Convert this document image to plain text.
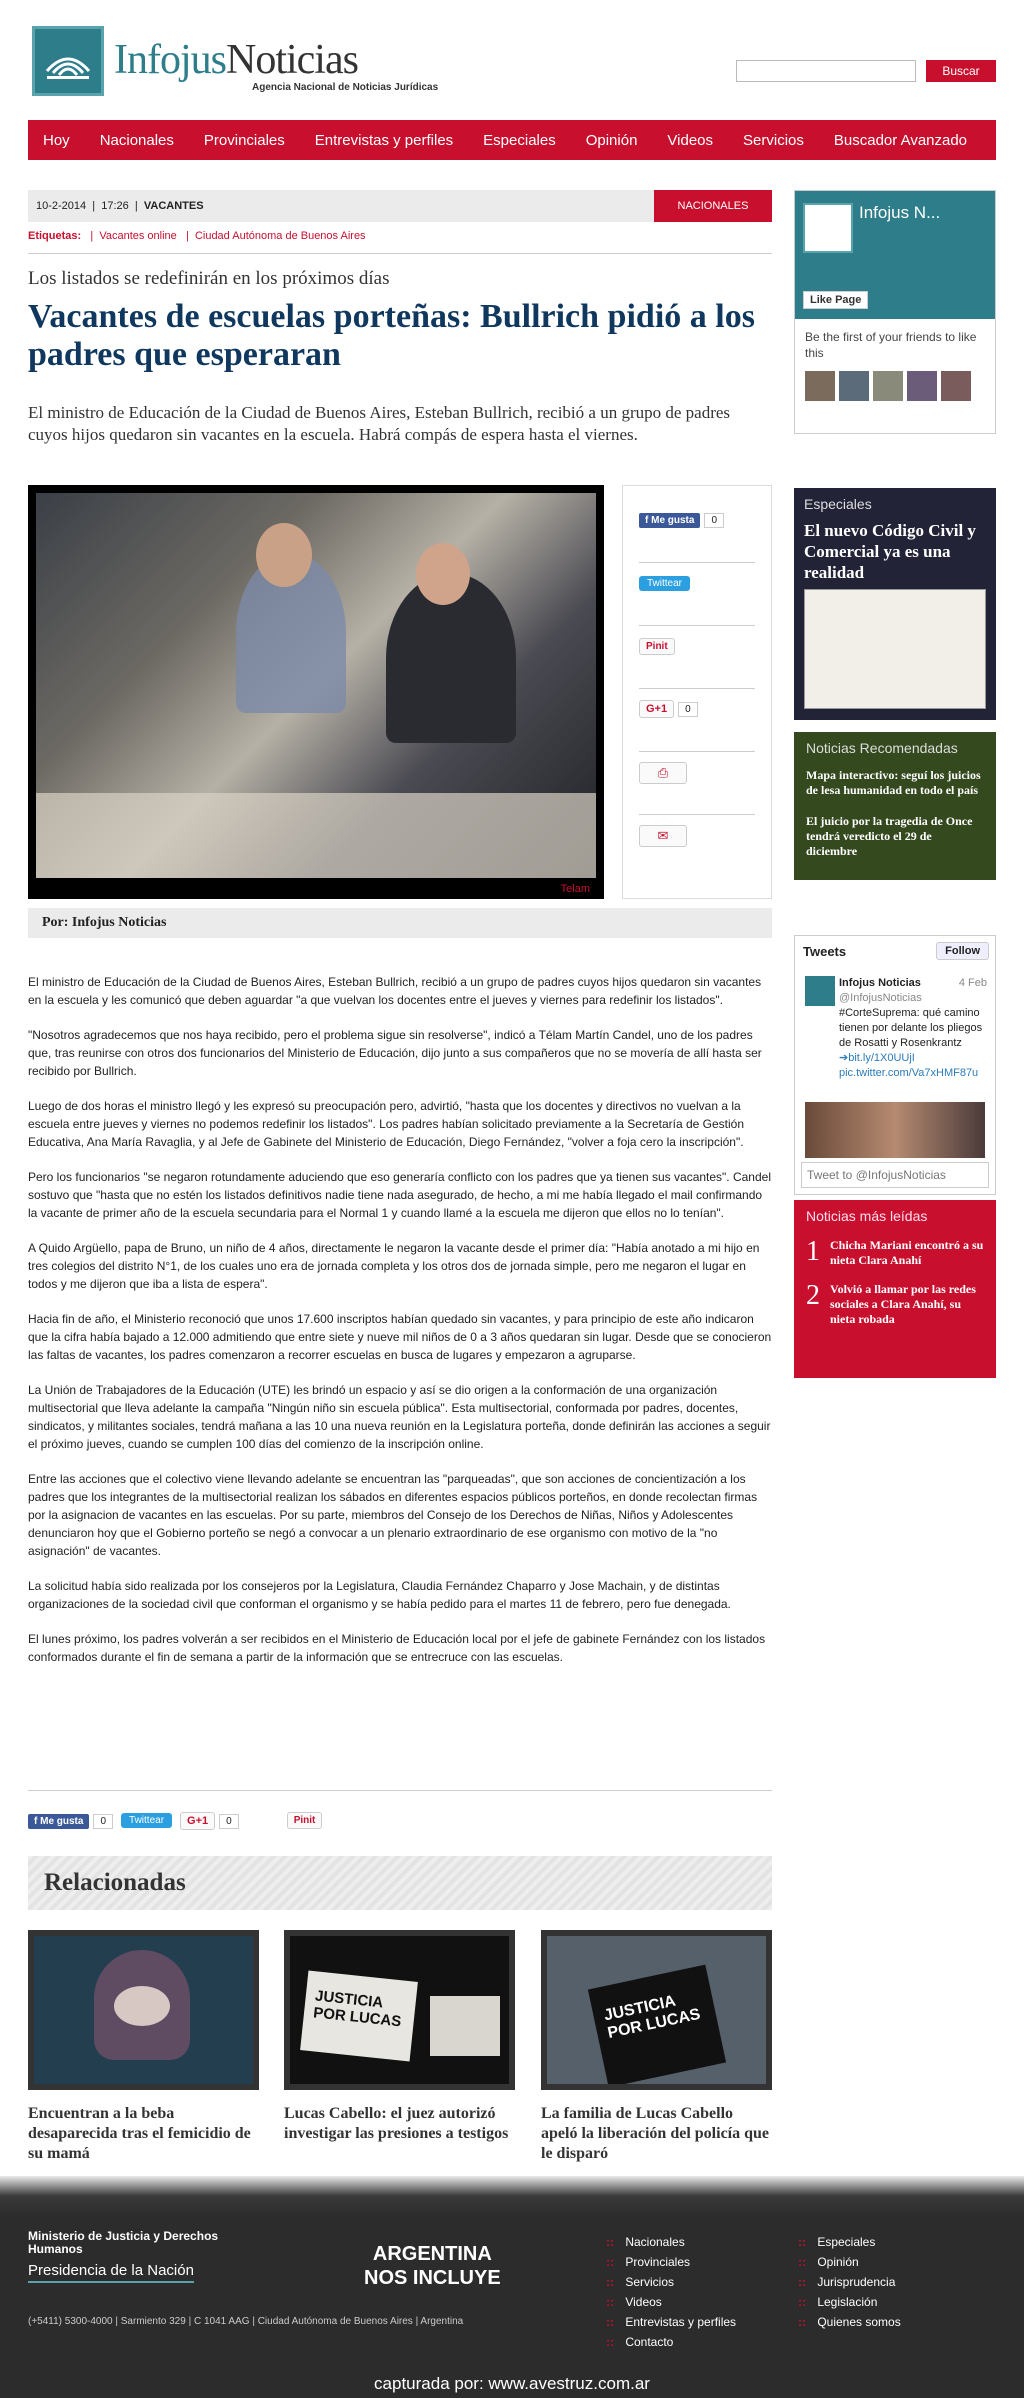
InfojusNoticias
Agencia Nacional de Noticias Jurídicas
Buscar
Hoy	Nacionales	Provinciales	Entrevistas y perfiles	Especiales	Opinión	Videos	Servicios	Buscador Avanzado
10-2-2014  |  17:26  |  VACANTES	NACIONALES
Etiquetas:   |  Vacantes online   |  Ciudad Autónoma de Buenos Aires
Los listados se redefinirán en los próximos días
Vacantes de escuelas porteñas: Bullrich pidió a los padres que esperaran
El ministro de Educación de la Ciudad de Buenos Aires, Esteban Bullrich, recibió a un grupo de padres cuyos hijos quedaron sin vacantes en la escuela. Habrá compás de espera hasta el viernes.
Telam
f Me gusta 0
Twittear
Pinit
G+1 0
⎙
✉
Por: Infojus Noticias

El ministro de Educación de la Ciudad de Buenos Aires, Esteban Bullrich, recibió a un grupo de padres cuyos hijos quedaron sin vacantes en la escuela y les comunicó que deben aguardar "a que vuelvan los docentes entre el jueves y viernes para redefinir los listados".

"Nosotros agradecemos que nos haya recibido, pero el problema sigue sin resolverse", indicó a Télam Martín Candel, uno de los padres que, tras reunirse con otros dos funcionarios del Ministerio de Educación, dijo junto a sus compañeros que no se movería de allí hasta ser recibido por Bullrich.

Luego de dos horas el ministro llegó y les expresó su preocupación pero, advirtió, "hasta que los docentes y directivos no vuelvan a la escuela entre jueves y viernes no podemos redefinir los listados". Los padres habían solicitado previamente a la Secretaría de Gestión Educativa, Ana María Ravaglia, y al Jefe de Gabinete del Ministerio de Educación, Diego Fernández, "volver a foja cero la inscripción".

Pero los funcionarios "se negaron rotundamente aduciendo que eso generaría conflicto con los padres que ya tienen sus vacantes". Candel sostuvo que "hasta que no estén los listados definitivos nadie tiene nada asegurado, de hecho, a mi me había llegado el mail confirmando la vacante de primer año de la escuela secundaria para el Normal 1 y cuando llamé a la escuela me dijeron que ellos no lo tenían".

A Quido Argüello, papa de Bruno, un niño de 4 años, directamente le negaron la vacante desde el primer día: "Había anotado a mi hijo en tres colegios del distrito N°1, de los cuales uno era de jornada completa y los otros dos de jornada simple, pero me negaron el lugar en todos y me dijeron que iba a lista de espera".

Hacia fin de año, el Ministerio reconoció que unos 17.600 inscriptos habían quedado sin vacantes, y para principio de este año indicaron que la cifra había bajado a 12.000 admitiendo que entre siete y nueve mil niños de 0 a 3 años quedaran sin lugar. Desde que se conocieron las faltas de vacantes, los padres comenzaron a recorrer escuelas en busca de lugares y empezaron a agruparse.

La Unión de Trabajadores de la Educación (UTE) les brindó un espacio y así se dio origen a la conformación de una organización multisectorial que lleva adelante la campaña "Ningún niño sin escuela pública". Esta multisectorial, conformada por padres, docentes, sindicatos, y militantes sociales, tendrá mañana a las 10 una nueva reunión en la Legislatura porteña, donde definirán las acciones a seguir el próximo jueves, cuando se cumplen 100 días del comienzo de la inscripción online.

Entre las acciones que el colectivo viene llevando adelante se encuentran las "parqueadas", que son acciones de concientización a los padres que los integrantes de la multisectorial realizan los sábados en diferentes espacios públicos porteños, en donde recolectan firmas por la asignacion de vacantes en las escuelas. Por su parte, miembros del Consejo de los Derechos de Niñas, Niños y Adolescentes denunciaron hoy que el Gobierno porteño se negó a convocar a un plenario extraordinario de ese organismo con motivo de la "no asignación" de vacantes.

La solicitud había sido realizada por los consejeros por la Legislatura, Claudia Fernández Chaparro y Jose Machain, y de distintas organizaciones de la sociedad civil que conforman el organismo y se había pedido para el martes 11 de febrero, pero fue denegada.

El lunes próximo, los padres volverán a ser recibidos en el Ministerio de Educación local por el jefe de gabinete Fernández con los listados conformados durante el fin de semana a partir de la información que se entrecruce con las escuelas.

f Me gusta 0	Twittear	G+1 0	Pinit
Relacionadas
Encuentran a la beba desaparecida tras el femicidio de su mamá
JUSTICIA POR LUCAS
Lucas Cabello: el juez autorizó investigar las presiones a testigos
JUSTICIA POR LUCAS
La familia de Lucas Cabello apeló la liberación del policía que le disparó
Infojus N...
Like Page
Be the first of your friends to like this
Especiales
El nuevo Código Civil y Comercial ya es una realidad
Noticias Recomendadas
Mapa interactivo: seguí los juicios de lesa humanidad en todo el país
El juicio por la tragedia de Once tendrá veredicto el 29 de diciembre
Tweets	Follow
Infojus Noticias	4 Feb

@InfojusNoticias
#CorteSuprema: qué camino tienen por delante los pliegos de Rosatti y Rosenkrantz ➔bit.ly/1X0UUjI pic.twitter.com/Va7xHMF87u
Tweet to @InfojusNoticias
Noticias más leídas
1 Chicha Mariani encontró a su nieta Clara Anahí
2 Volvió a llamar por las redes sociales a Clara Anahí, su nieta robada
Ministerio de Justicia y Derechos Humanos
Presidencia de la Nación
ARGENTINA
NOS INCLUYE
:: Nacionales
:: Provinciales
:: Servicios
:: Videos
:: Entrevistas y perfiles
:: Contacto
:: Especiales
:: Opinión
:: Jurisprudencia
:: Legislación
:: Quienes somos
(+5411) 5300-4000 | Sarmiento 329 | C 1041 AAG | Ciudad Autónoma de Buenos Aires | Argentina
capturada por: www.avestruz.com.ar
